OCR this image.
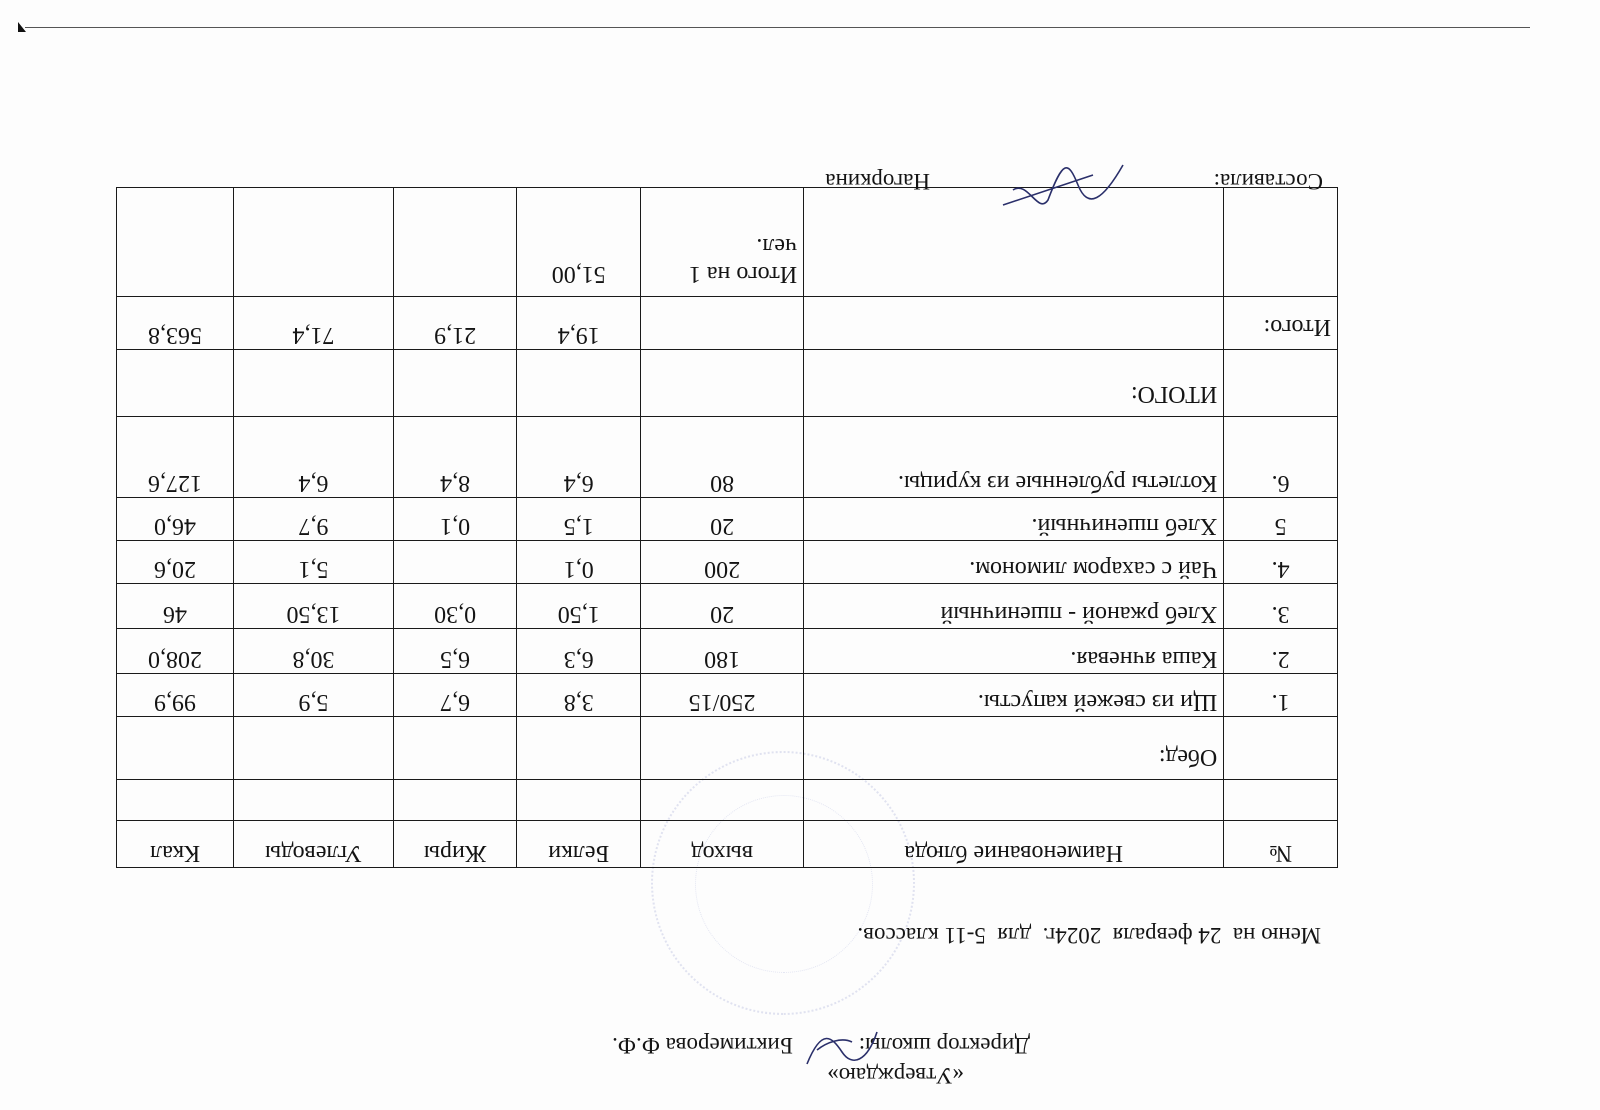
«Утверждаю»
Директор школы:
Биктимерова Ф.Ф.
Меню на  24 февраля  2024г.  для  5-11 классов.
№	Наименование блюда	выход	Белки	Жиры	Углеводы	Ккал

	Обед:					
1.	Щи из свежей капусты.	250/15	3,8	6,7	5,9	99,9
2.	Каша ячневая.	180	6,3	6,5	30,8	208,0
3.	Хлеб ржаной - пшеничный	20	1,50	0,30	13,50	46
4.	Чай с сахаром лимоном.	200	0,1		5,1	20,6
5	Хлеб пшеничный.	20	1,5	0,1	9,7	46,0
6.	Котлеты рубленные из курицы.	80	6,4	8,4	6,4	127,6
	ИТОГО:					
Итого:			19,4	21,9	71,4	563,8
		Итого на 1 чел.	51,00			
Составила:
Нагоркина
